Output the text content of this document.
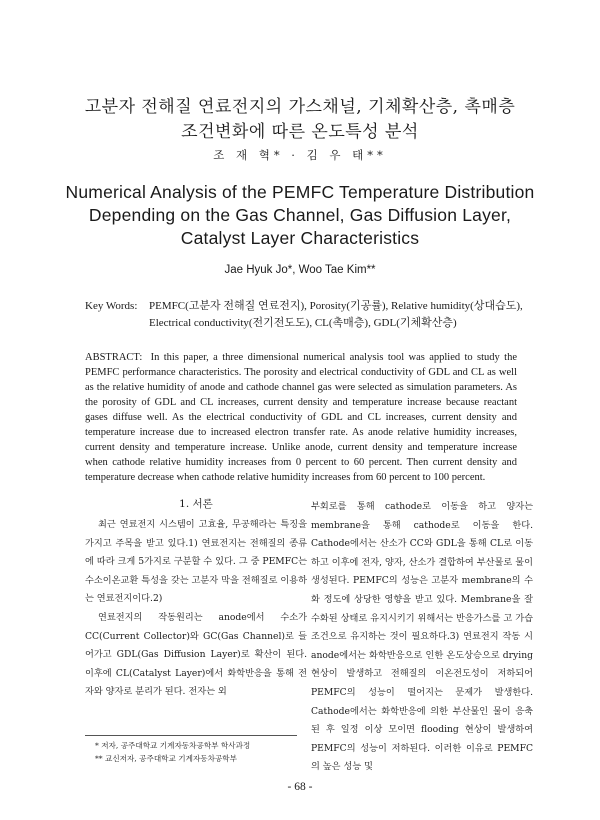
고분자 전해질 연료전지의 가스채널, 기체확산층, 촉매층
조건변화에 따른 온도특성 분석
조 재 혁* · 김 우 태**
Numerical Analysis of the PEMFC Temperature Distribution
Depending on the Gas Channel, Gas Diffusion Layer,
Catalyst Layer Characteristics
Jae Hyuk Jo*, Woo Tae Kim**
Key Words: PEMFC(고분자 전해질 연료전지), Porosity(기공률), Relative humidity(상대습도), Electrical conductivity(전기전도도), CL(촉매층), GDL(기체확산층)
ABSTRACT: In this paper, a three dimensional numerical analysis tool was applied to study the PEMFC performance characteristics. The porosity and electrical conductivity of GDL and CL as well as the relative humidity of anode and cathode channel gas were selected as simulation parameters. As the porosity of GDL and CL increases, current density and temperature increase because reactant gases diffuse well. As the electrical conductivity of GDL and CL increases, current density and temperature increase due to increased electron transfer rate. As anode relative humidity increases, current density and temperature increase. Unlike anode, current density and temperature increase when cathode relative humidity increases from 0 percent to 60 percent. Then current density and temperature decrease when cathode relative humidity increases from 60 percent to 100 percent.
1. 서론

최근 연료전지 시스템이 고효율, 무공해라는 특징을 가지고 주목을 받고 있다.1) 연료전지는 전해질의 종류에 따라 크게 5가지로 구분할 수 있다. 그 중 PEMFC는 수소이온교환 특성을 갖는 고분자 막을 전해질로 이용하는 연료전지이다.2)

연료전지의 작동원리는 anode에서 수소가 CC(Current Collector)와 GC(Gas Channel)로 들어가고 GDL(Gas Diffusion Layer)로 확산이 된다. 이후에 CL(Catalyst Layer)에서 화학반응을 통해 전자와 양자로 분리가 된다. 전자는 외

부회로를 통해 cathode로 이동을 하고 양자는 membrane을 통해 cathode로 이동을 한다. Cathode에서는 산소가 CC와 GDL을 통해 CL로 이동하고 이후에 전자, 양자, 산소가 결합하여 부산물로 물이 생성된다. PEMFC의 성능은 고분자 membrane의 수화 정도에 상당한 영향을 받고 있다. Membrane을 잘 수화된 상태로 유지시키기 위해서는 반응가스를 고 가습조건으로 유지하는 것이 필요하다.3) 연료전지 작동 시 anode에서는 화학반응으로 인한 온도상승으로 drying 현상이 발생하고 전해질의 이온전도성이 저하되어 PEMFC의 성능이 떨어지는 문제가 발생한다. Cathode에서는 화학반응에 의한 부산물인 물이 응축된 후 일정 이상 모이면 flooding 현상이 발생하여 PEMFC의 성능이 저하된다. 이러한 이유로 PEMFC의 높은 성능 및

* 저자, 공주대학교 기계자동차공학부 학사과정
** 교신저자, 공주대학교 기계자동차공학부
- 68 -
